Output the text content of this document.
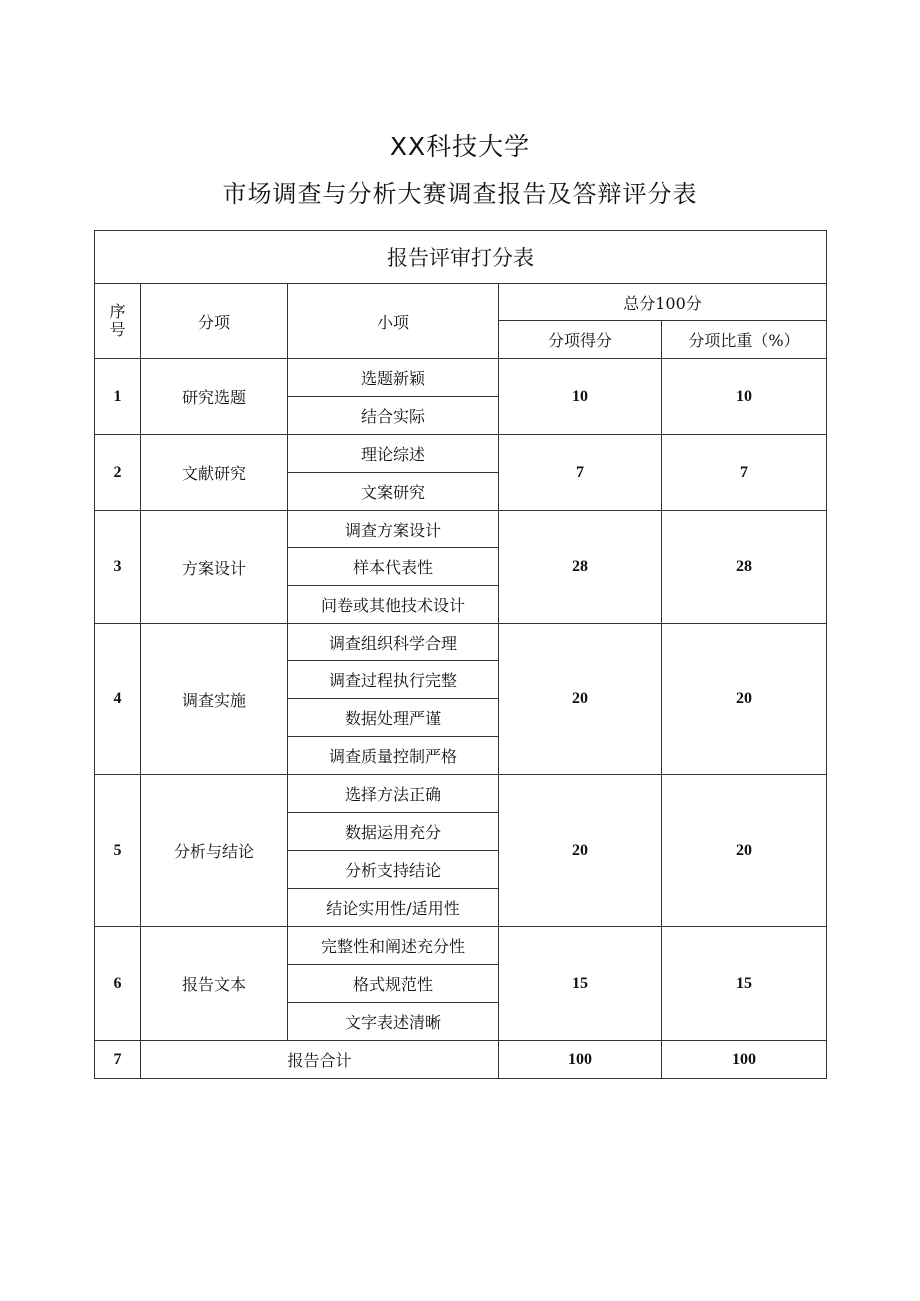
XX科技大学
市场调查与分析大赛调查报告及答辩评分表
报告评审打分表				

序
号	分项	小项	总分100分	
			分项得分	分项比重（%）
1	研究选题	选题新颖	10	10
		结合实际		
2	文献研究	理论综述	7	7
		文案研究		
3	方案设计	调查方案设计	28	28
		样本代表性		
		问卷或其他技术设计		
4	调查实施	调查组织科学合理	20	20
		调查过程执行完整		
		数据处理严谨		
		调查质量控制严格		
5	分析与结论	选择方法正确	20	20
		数据运用充分		
		分析支持结论		
		结论实用性/适用性		
6	报告文本	完整性和阐述充分性	15	15
		格式规范性		
		文字表述清晰		
7	报告合计		100	100
